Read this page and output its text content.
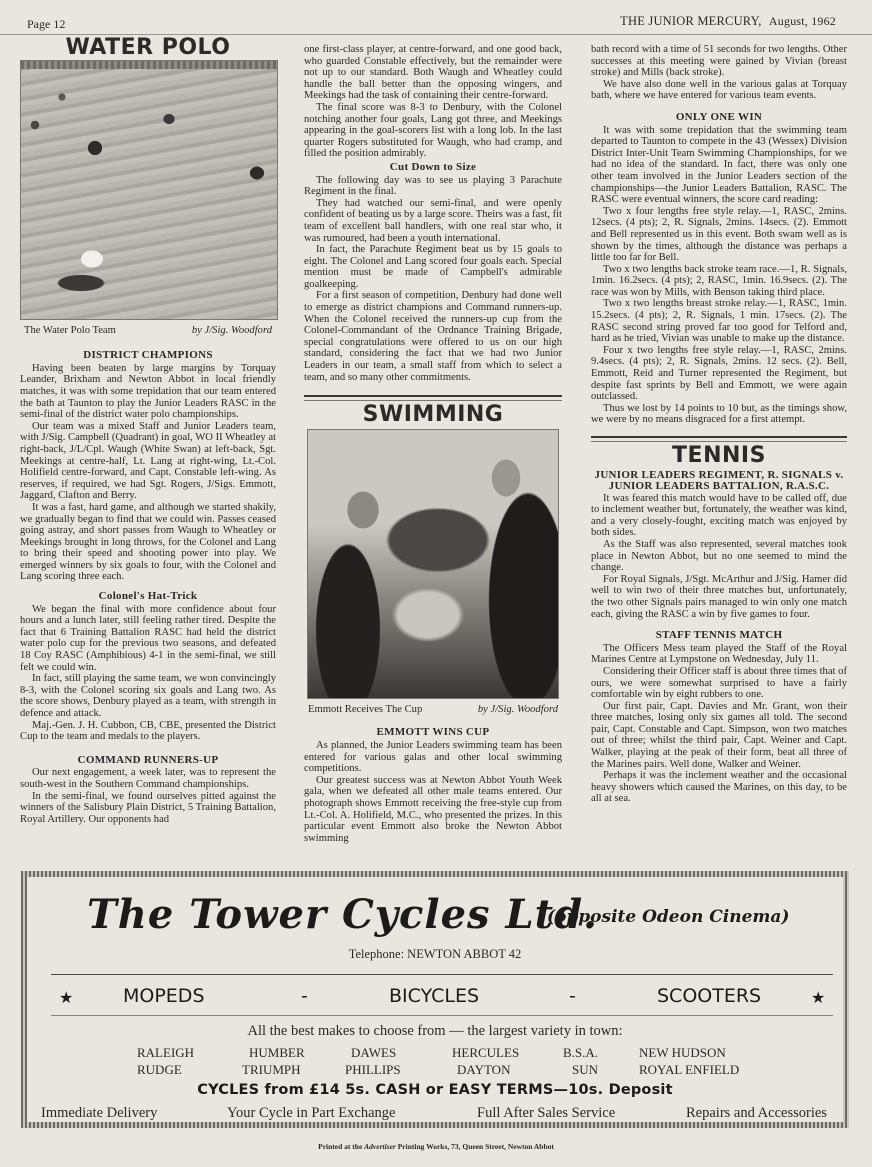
Page 12	THE JUNIOR MERCURY, August, 1962
WATER POLO
The Water Polo Team	by J/Sig. Woodford
DISTRICT CHAMPIONS

Having been beaten by large margins by Torquay Leander, Brixham and Newton Abbot in local friendly matches, it was with some trepidation that our team entered the bath at Taunton to play the Junior Leaders RASC in the semi-final of the district water polo championships.

Our team was a mixed Staff and Junior Leaders team, with J/Sig. Campbell (Quadrant) in goal, WO II Wheatley at right-back, J/L/Cpl. Waugh (White Swan) at left-back, Sgt. Meekings at centre-half, Lt. Lang at right-wing, Lt.-Col. Holifield centre-forward, and Capt. Constable left-wing. As reserves, if required, we had Sgt. Rogers, J/Sigs. Emmott, Jaggard, Clafton and Berry.

It was a fast, hard game, and although we started shakily, we gradually began to find that we could win. Passes ceased going astray, and short passes from Waugh to Wheatley or Meekings brought in long throws, for the Colonel and Lang to bring their speed and shooting power into play. We emerged winners by six goals to four, with the Colonel and Lang scoring three each.

Colonel's Hat-Trick

We began the final with more confidence about four hours and a lunch later, still feeling rather tired. Despite the fact that 6 Training Battalion RASC had held the district water polo cup for the previous two seasons, and defeated 18 Coy RASC (Amphibious) 4-1 in the semi-final, we still felt we could win.

In fact, still playing the same team, we won convincingly 8-3, with the Colonel scoring six goals and Lang two. As the score shows, Denbury played as a team, with strength in defence and attack.

Maj.-Gen. J. H. Cubbon, CB, CBE, presented the District Cup to the team and medals to the players.

COMMAND RUNNERS-UP

Our next engagement, a week later, was to represent the south-west in the Southern Command championships.

In the semi-final, we found ourselves pitted against the winners of the Salisbury Plain District, 5 Training Battalion, Royal Artillery. Our opponents had

one first-class player, at centre-forward, and one good back, who guarded Constable effectively, but the remainder were not up to our standard. Both Waugh and Wheatley could handle the ball better than the opposing wingers, and Meekings had the task of containing their centre-forward.

The final score was 8-3 to Denbury, with the Colonel notching another four goals, Lang got three, and Meekings appearing in the goal-scorers list with a long lob. In the last quarter Rogers substituted for Waugh, who had cramp, and filled the position admirably.

Cut Down to Size

The following day was to see us playing 3 Parachute Regiment in the final.

They had watched our semi-final, and were openly confident of beating us by a large score. Theirs was a fast, fit team of excellent ball handlers, with one real star who, it was rumoured, had been a youth international.

In fact, the Parachute Regiment beat us by 15 goals to eight. The Colonel and Lang scored four goals each. Special mention must be made of Campbell's admirable goalkeeping.

For a first season of competition, Denbury had done well to emerge as district champions and Command runners-up. When the Colonel received the runners-up cup from the Colonel-Commandant of the Ordnance Training Brigade, special congratulations were offered to us on our high standard, considering the fact that we had two Junior Leaders in our team, a small staff from which to select a team, and so many other commitments.

SWIMMING
Emmott Receives The Cup	by J/Sig. Woodford
EMMOTT WINS CUP

As planned, the Junior Leaders swimming team has been entered for various galas and other local swimming competitions.

Our greatest success was at Newton Abbot Youth Week gala, when we defeated all other male teams entered. Our photograph shows Emmott receiving the free-style cup from Lt.-Col. A. Holifield, M.C., who presented the prizes. In this particular event Emmott also broke the Newton Abbot swimming

bath record with a time of 51 seconds for two lengths. Other successes at this meeting were gained by Vivian (breast stroke) and Mills (back stroke).

We have also done well in the various galas at Torquay bath, where we have entered for various team events.

ONLY ONE WIN

It was with some trepidation that the swimming team departed to Taunton to compete in the 43 (Wessex) Division District Inter-Unit Team Swimming Championships, for we had no idea of the standard. In fact, there was only one other team involved in the Junior Leaders section of the championships—the Junior Leaders Battalion, RASC. The RASC were eventual winners, the score card reading:

Two x four lengths free style relay.—1, RASC, 2mins. 12secs. (4 pts); 2, R. Signals, 2mins. 14secs. (2). Emmott and Bell represented us in this event. Both swam well as is shown by the times, although the distance was perhaps a little too far for Bell.

Two x two lengths back stroke team race.—1, R. Signals, 1min. 16.2secs. (4 pts); 2, RASC, 1min. 16.9secs. (2). The race was won by Mills, with Benson taking third place.

Two x two lengths breast stroke relay.—1, RASC, 1min. 15.2secs. (4 pts); 2, R. Signals, 1 min. 17secs. (2). The RASC second string proved far too good for Telford and, hard as he tried, Vivian was unable to make up the distance.

Four x two lengths free style relay.—1, RASC, 2mins. 9.4secs. (4 pts); 2, R. Signals, 2mins. 12 secs. (2). Bell, Emmott, Reid and Turner represented the Regiment, but despite fast sprints by Bell and Emmott, we were again outclassed.

Thus we lost by 14 points to 10 but, as the timings show, we were by no means disgraced for a first attempt.

TENNIS
JUNIOR LEADERS REGIMENT, R. SIGNALS v. JUNIOR LEADERS BATTALION, R.A.S.C.

It was feared this match would have to be called off, due to inclement weather but, fortunately, the weather was kind, and a very closely-fought, exciting match was enjoyed by both sides.

As the Staff was also represented, several matches took place in Newton Abbot, but no one seemed to mind the change.

For Royal Signals, J/Sgt. McArthur and J/Sig. Hamer did well to win two of their three matches but, unfortunately, the two other Signals pairs managed to win only one match each, giving the RASC a win by five games to four.

STAFF TENNIS MATCH

The Officers Mess team played the Staff of the Royal Marines Centre at Lympstone on Wednesday, July 11.

Considering their Officer staff is about three times that of ours, we were somewhat surprised to have a fairly comfortable win by eight rubbers to one.

Our first pair, Capt. Davies and Mr. Grant, won their three matches, losing only six games all told. The second pair, Capt. Constable and Capt. Simpson, won two matches out of three; whilst the third pair, Capt. Weiner and Capt. Walker, playing at the peak of their form, beat all three of the Marines pairs. Well done, Walker and Weiner.

Perhaps it was the inclement weather and the occasional heavy showers which caused the Marines, on this day, to be all at sea.

The Tower Cycles Ltd.
(opposite Odeon Cinema)
Telephone: NEWTON ABBOT 42
★	MOPEDS	-	BICYCLES	-	SCOOTERS	★
All the best makes to choose from — the largest variety in town:
RALEIGH	HUMBER	DAWES	HERCULES	B.S.A.	NEW HUDSON
RUDGE	TRIUMPH	PHILLIPS	DAYTON	SUN	ROYAL ENFIELD
CYCLES from £14 5s. CASH or EASY TERMS—10s. Deposit
Immediate Delivery	Your Cycle in Part Exchange	Full After Sales Service	Repairs and Accessories
Printed at the Advertiser Printing Works, 73, Queen Street, Newton Abbot
